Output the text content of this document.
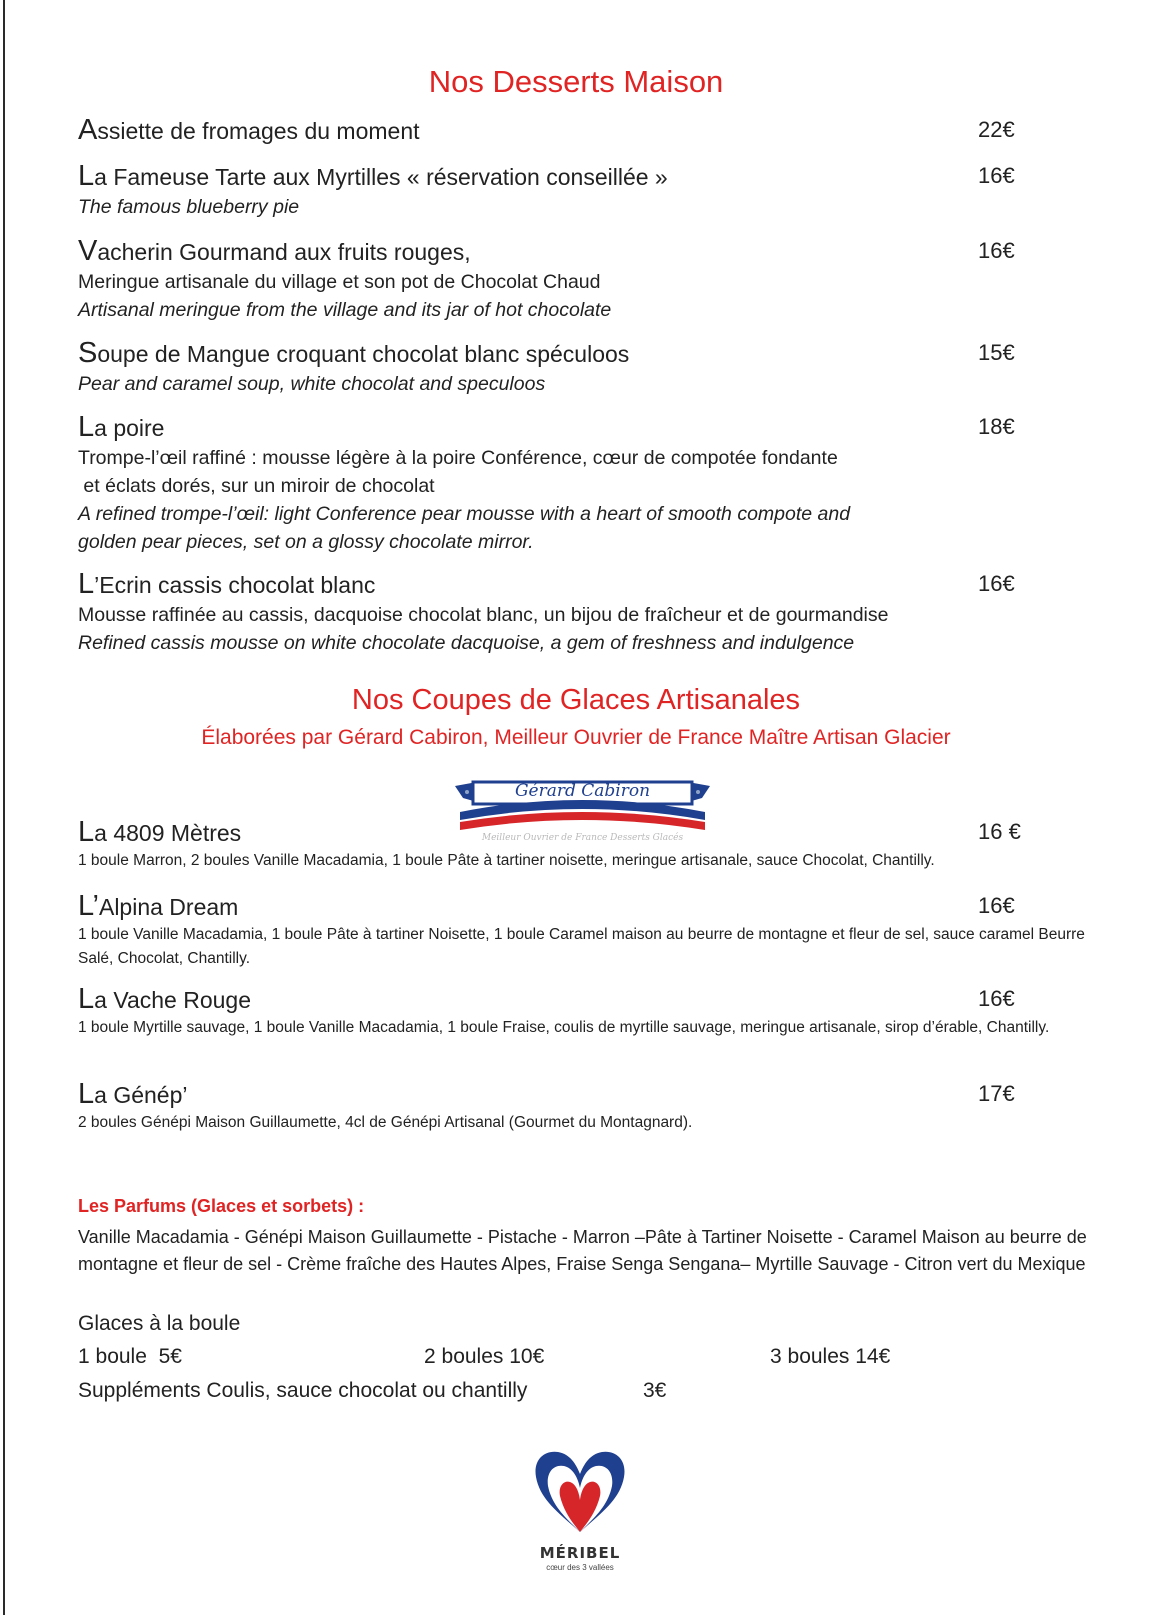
Nos Desserts Maison
Assiette de fromages du moment	22€
La Fameuse Tarte aux Myrtilles « réservation conseillée »	16€
The famous blueberry pie
Vacherin Gourmand aux fruits rouges,	16€
Meringue artisanale du village et son pot de Chocolat Chaud
Artisanal meringue from the village and its jar of hot chocolate
Soupe de Mangue croquant chocolat blanc spéculoos	15€
Pear and caramel soup, white chocolat and speculoos
La poire	18€
Trompe-l’œil raffiné : mousse légère à la poire Conférence, cœur de compotée fondante
et éclats dorés, sur un miroir de chocolat
A refined trompe-l’œil: light Conference pear mousse with a heart of smooth compote and
golden pear pieces, set on a glossy chocolate mirror.
L’Ecrin cassis chocolat blanc	16€
Mousse raffinée au cassis, dacquoise chocolat blanc, un bijou de fraîcheur et de gourmandise
Refined cassis mousse on white chocolate dacquoise, a gem of freshness and indulgence
Nos Coupes de Glaces Artisanales
Élaborées par Gérard Cabiron, Meilleur Ouvrier de France Maître Artisan Glacier
Gérard Cabiron
Meilleur Ouvrier de France Desserts Glacés
La 4809 Mètres	16 €
1 boule Marron, 2 boules Vanille Macadamia, 1 boule Pâte à tartiner noisette, meringue artisanale, sauce Chocolat, Chantilly.
L’Alpina Dream	16€
1 boule Vanille Macadamia, 1 boule Pâte à tartiner Noisette, 1 boule Caramel maison au beurre de montagne et fleur de sel, sauce caramel Beurre Salé, Chocolat, Chantilly.
La Vache Rouge	16€
1 boule Myrtille sauvage, 1 boule Vanille Macadamia, 1 boule Fraise, coulis de myrtille sauvage, meringue artisanale, sirop d’érable, Chantilly.
La Génép’	17€
2 boules Génépi Maison Guillaumette, 4cl de Génépi Artisanal (Gourmet du Montagnard).
Les Parfums (Glaces et sorbets) :
Vanille Macadamia - Génépi Maison Guillaumette - Pistache - Marron –Pâte à Tartiner Noisette - Caramel Maison au beurre de montagne et fleur de sel - Crème fraîche des Hautes Alpes, Fraise Senga Sengana– Myrtille Sauvage - Citron vert du Mexique
Glaces à la boule
1 boule  5€	2 boules 10€	3 boules 14€
Suppléments Coulis, sauce chocolat ou chantilly	3€
MÉRIBEL
cœur des 3 vallées
